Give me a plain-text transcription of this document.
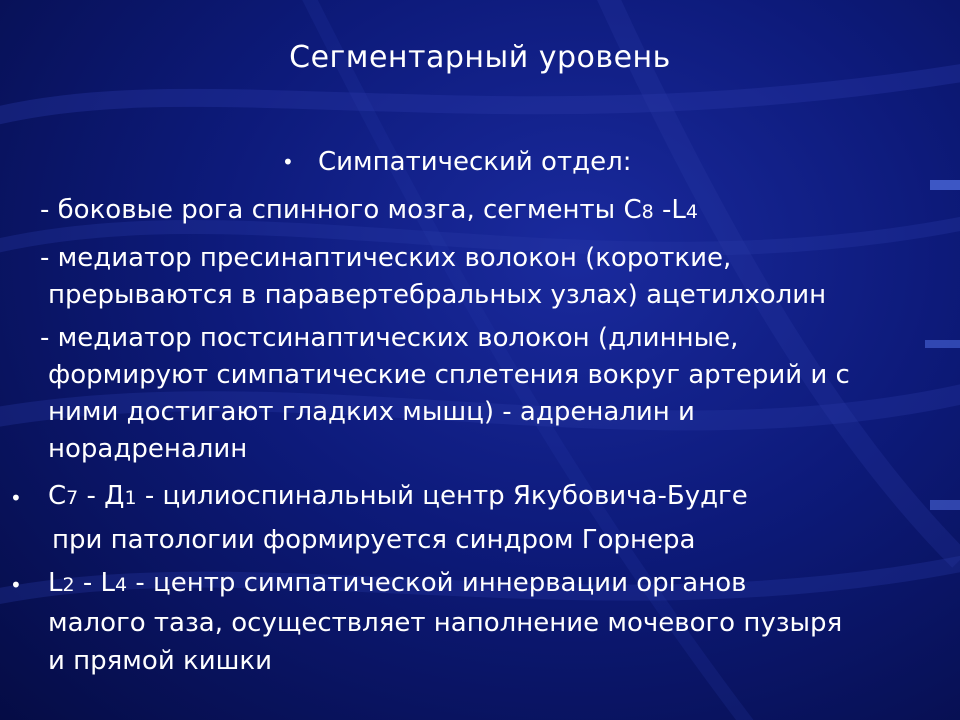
Сегментарный уровень
• Симпатический отдел:
- боковые рога спинного мозга, сегменты C8 -L4
- медиатор пресинаптических волокон (короткие,
прерываются в паравертебральных узлах) ацетилхолин
- медиатор постсинаптических волокон (длинные,
формируют симпатические сплетения вокруг артерий и с
ними достигают гладких мышц) - адреналин и
норадреналин
• C7 - Д1 - цилиоспинальный центр Якубовича-Будге
при патологии формируется синдром Горнера
• L2 - L4 - центр симпатической иннервации органов
малого таза, осуществляет наполнение мочевого пузыря
и прямой кишки
